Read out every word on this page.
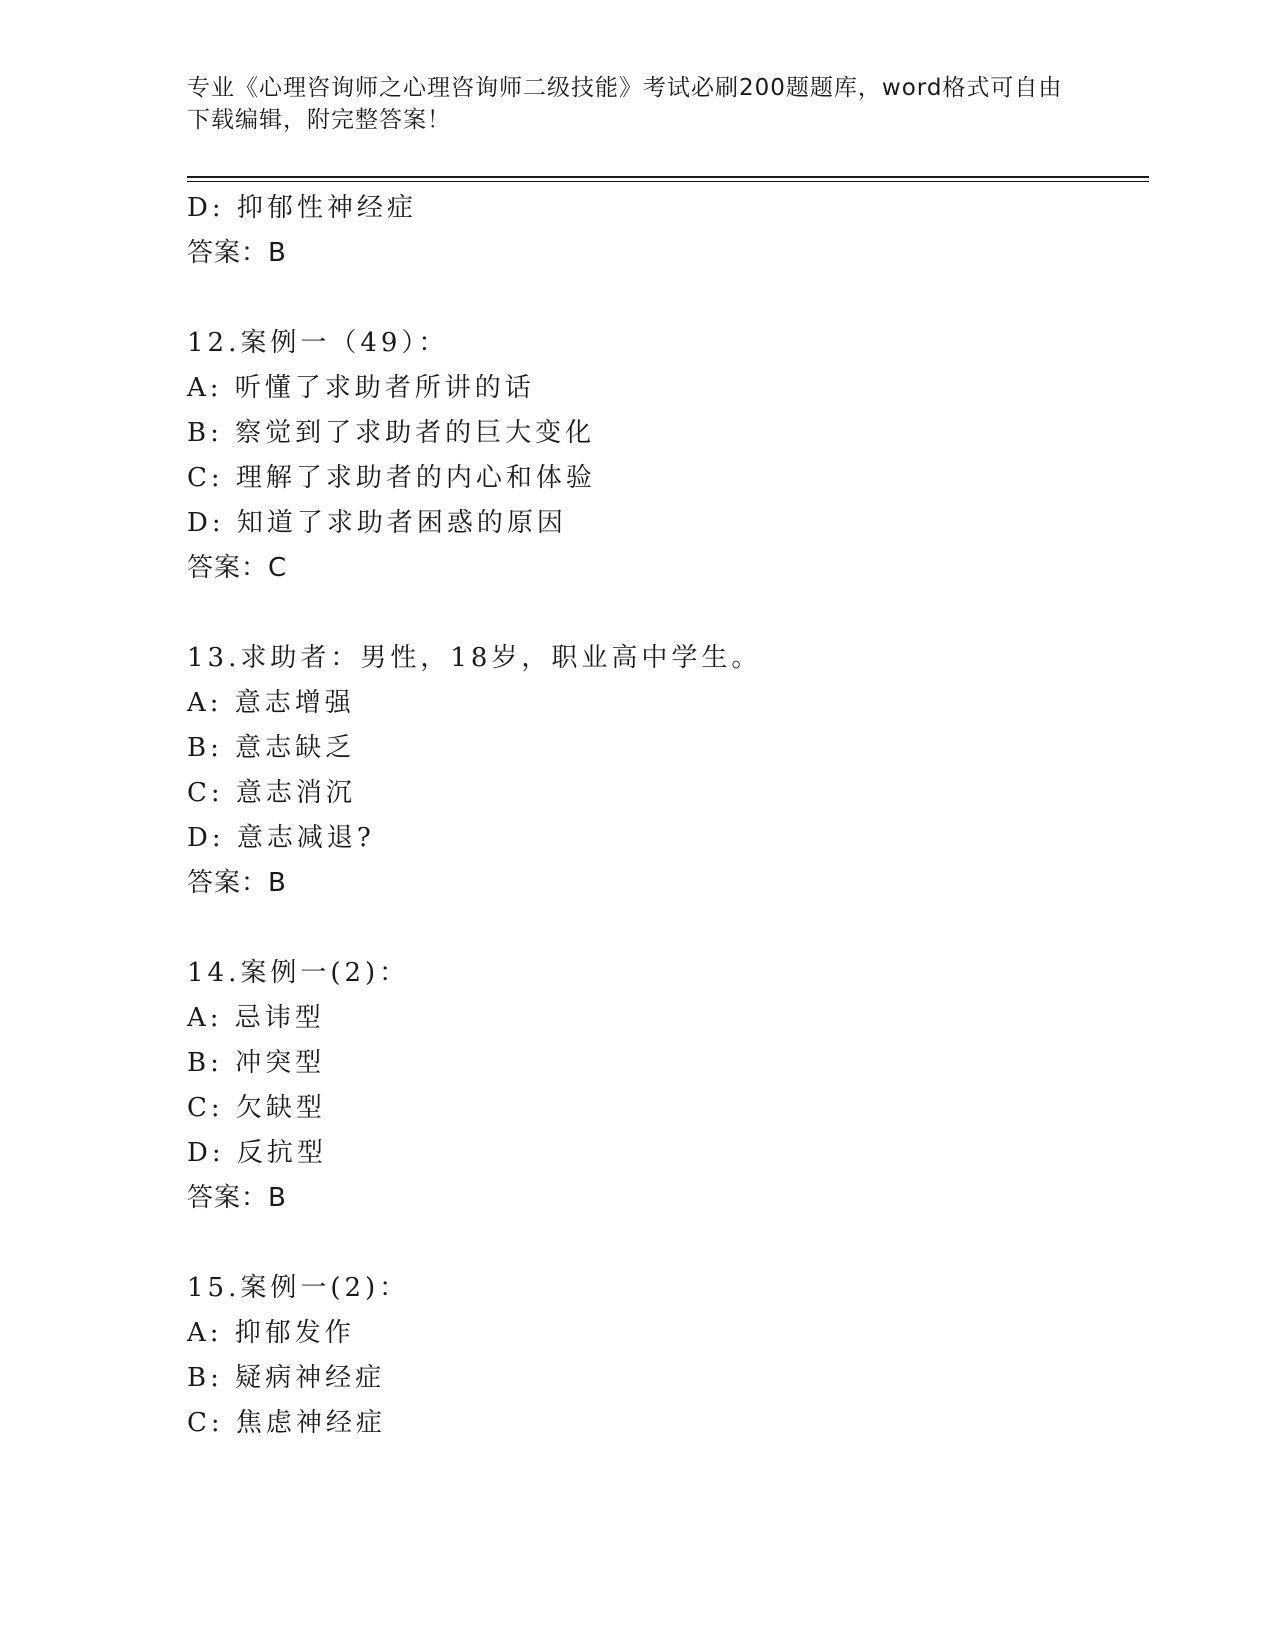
专业《心理咨询师之心理咨询师二级技能》考试必刷200题题库，word格式可自由下载编辑，附完整答案！
D: 抑郁性神经症
答案：B
12.案例一（49）：
A: 听懂了求助者所讲的话
B: 察觉到了求助者的巨大变化
C: 理解了求助者的内心和体验
D: 知道了求助者困惑的原因
答案：C
13.求助者：男性，18岁，职业高中学生。
A: 意志增强
B: 意志缺乏
C: 意志消沉
D: 意志减退?
答案：B
14.案例一(2)：
A: 忌讳型
B: 冲突型
C: 欠缺型
D: 反抗型
答案：B
15.案例一(2)：
A: 抑郁发作
B: 疑病神经症
C: 焦虑神经症
